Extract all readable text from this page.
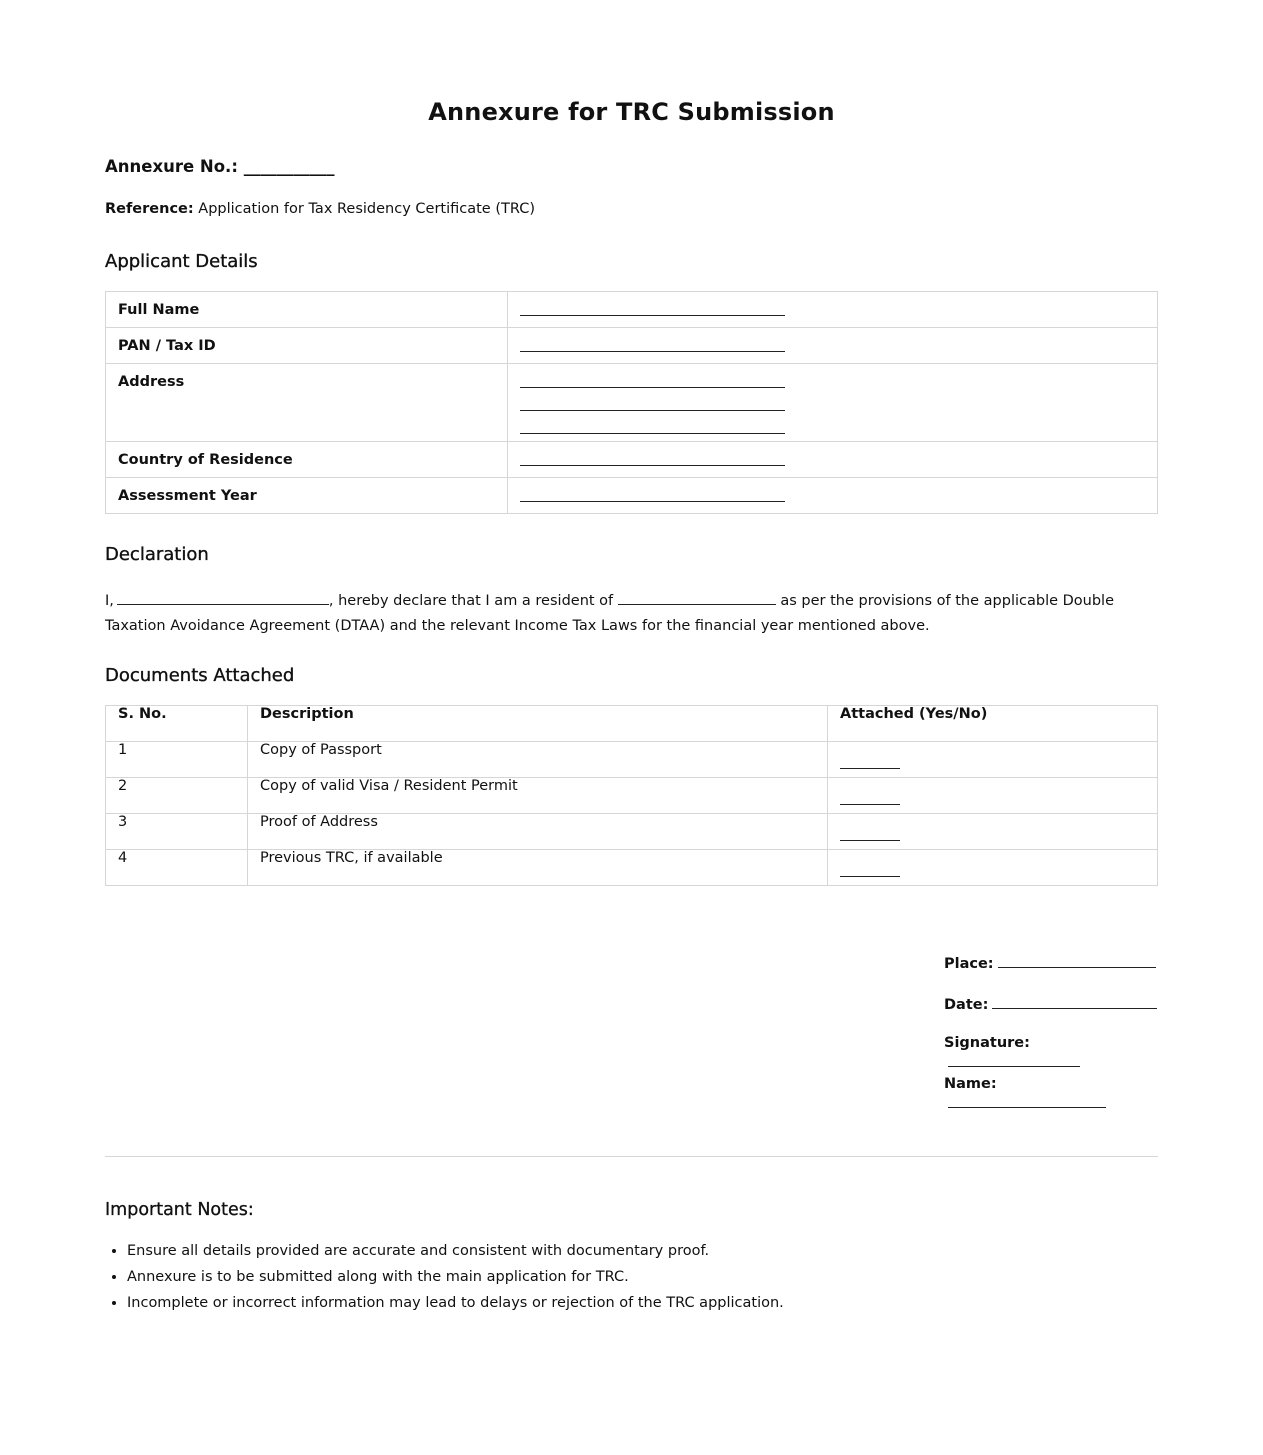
Annexure for TRC Submission
Annexure No.: ___________
Reference: Application for Tax Residency Certificate (TRC)
Applicant Details
Full Name	

PAN / Tax ID	

Address	

Country of Residence	

Assessment Year	
Declaration
I,	, hereby declare that I am a resident of	as per the provisions of the applicable Double Taxation Avoidance Agreement (DTAA) and the relevant Income Tax Laws for the financial year mentioned above.
Documents Attached
S. No.	Description	Attached (Yes/No)
1	Copy of Passport	

2	Copy of valid Visa / Resident Permit	

3	Proof of Address	

4	Previous TRC, if available	
Place:
Date:
Signature:
Name:
Important Notes:
• Ensure all details provided are accurate and consistent with documentary proof.
• Annexure is to be submitted along with the main application for TRC.
• Incomplete or incorrect information may lead to delays or rejection of the TRC application.
